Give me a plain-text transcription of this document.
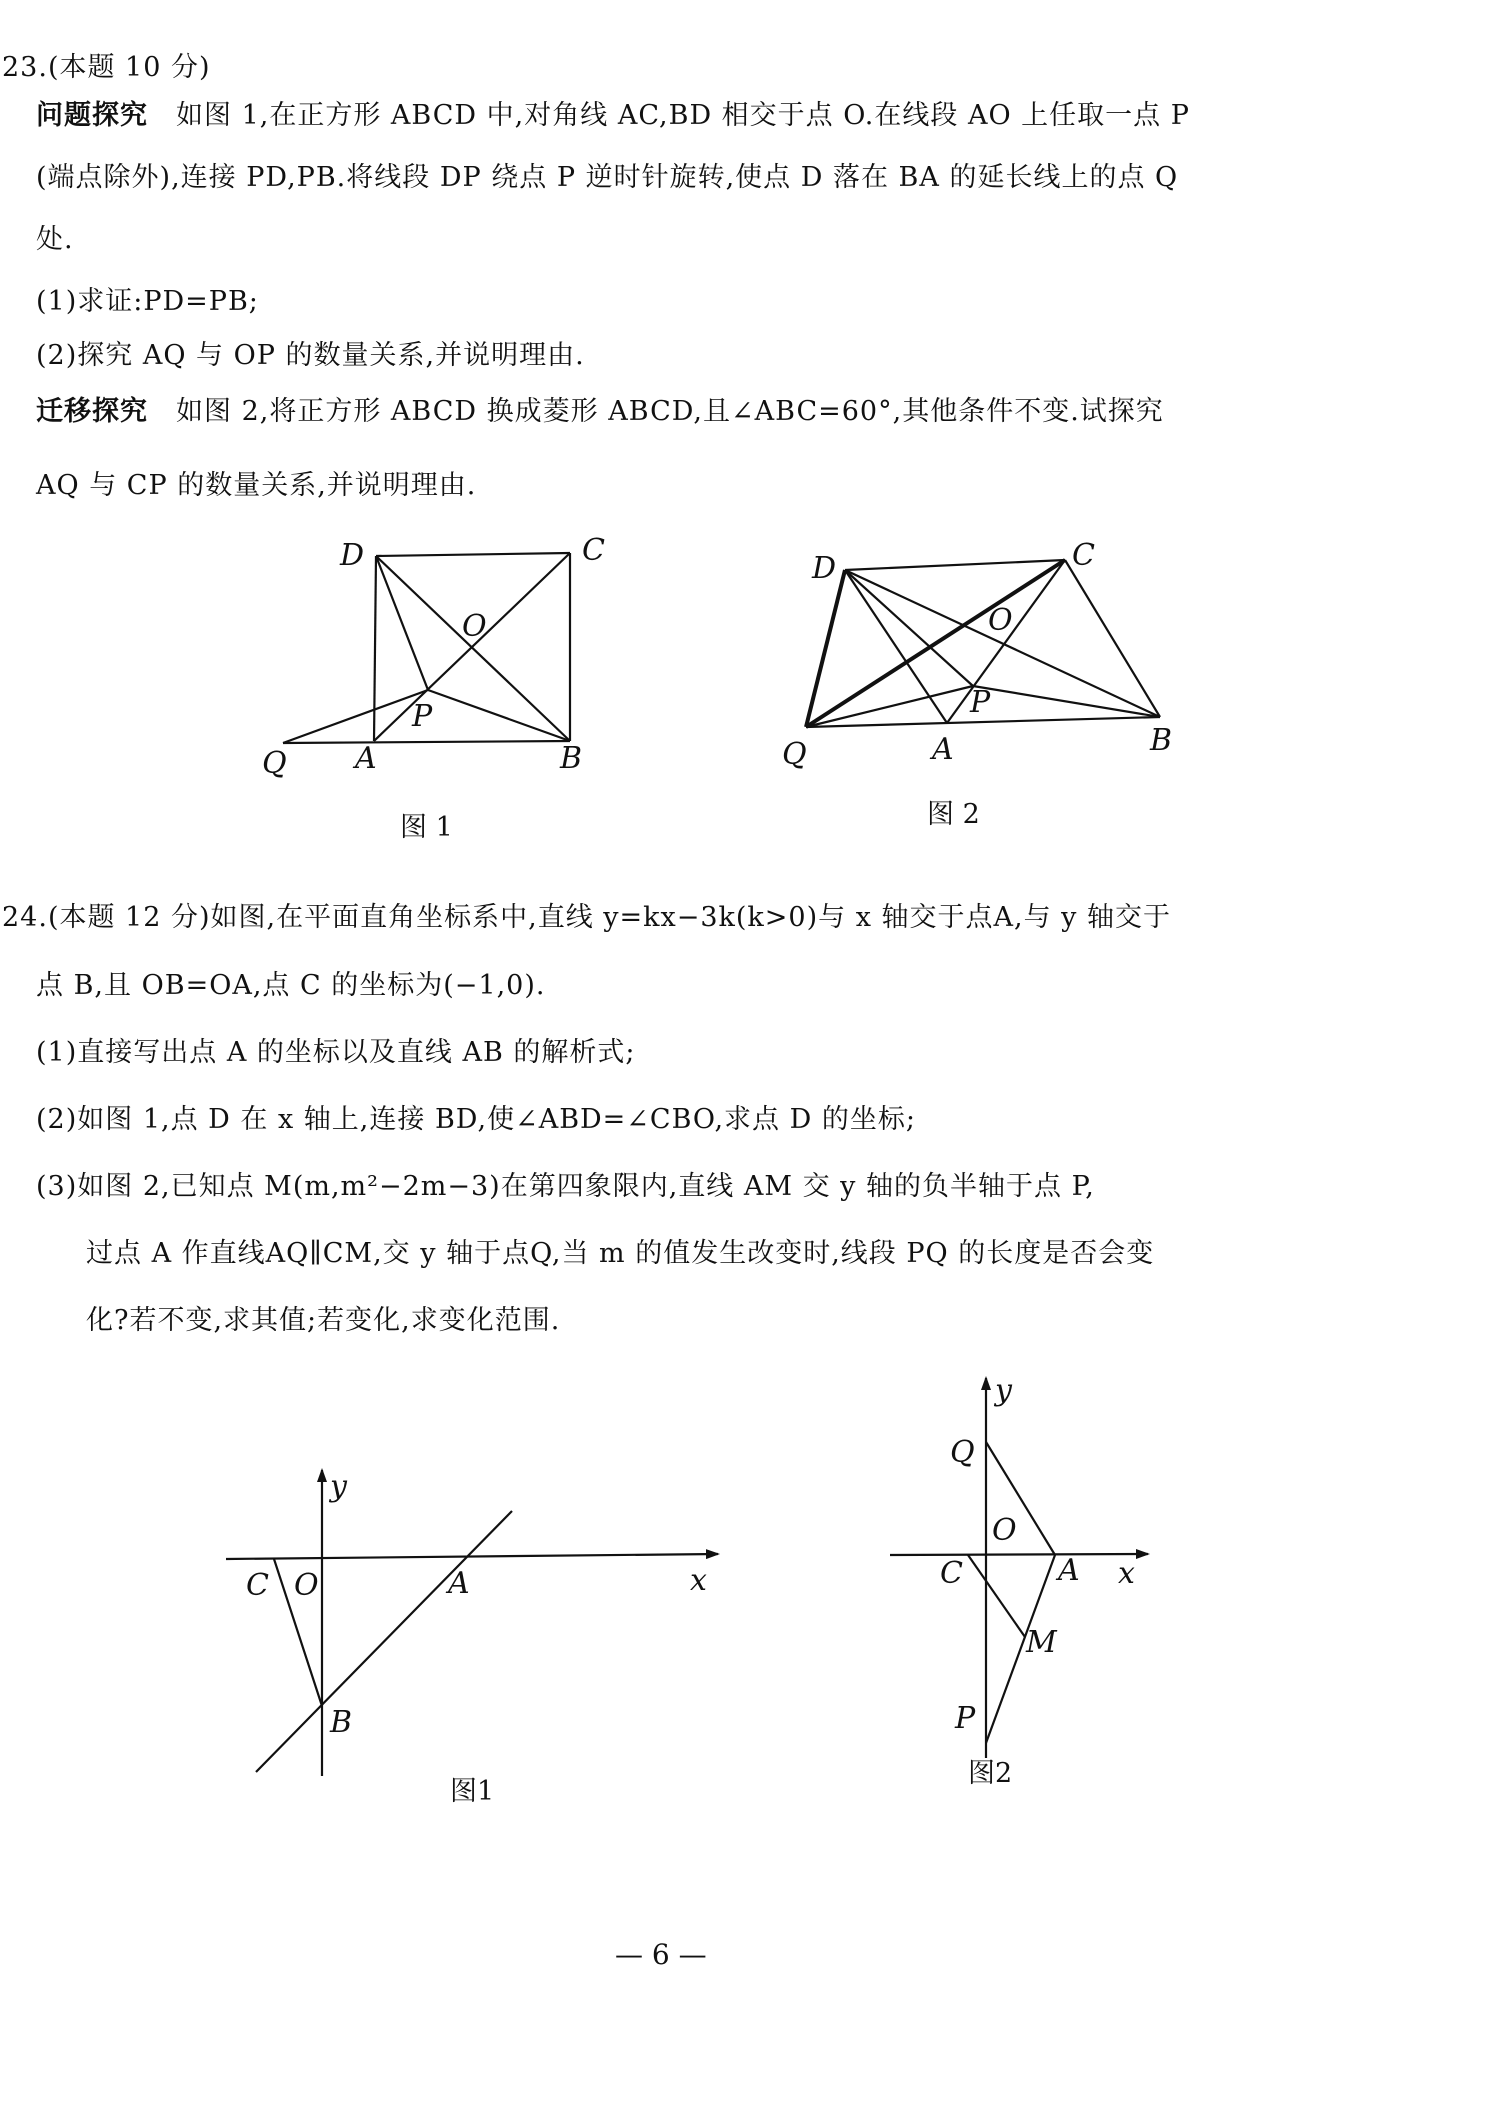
23.(本题 10 分)
问题探究 如图 1,在正方形 ABCD 中,对角线 AC,BD 相交于点 O.在线段 AO 上任取一点 P
(端点除外),连接 PD,PB.将线段 DP 绕点 P 逆时针旋转,使点 D 落在 BA 的延长线上的点 Q
处.
(1)求证:PD=PB;
(2)探究 AQ 与 OP 的数量关系,并说明理由.
迁移探究 如图 2,将正方形 ABCD 换成菱形 ABCD,且∠ABC=60°,其他条件不变.试探究
AQ 与 CP 的数量关系,并说明理由.
D	C
O
P
Q A	B
图 1
D	C
O
P
Q	A	B
图 2
24.(本题 12 分)如图,在平面直角坐标系中,直线 y=kx−3k(k>0)与 x 轴交于点A,与 y 轴交于
点 B,且 OB=OA,点 C 的坐标为(−1,0).
(1)直接写出点 A 的坐标以及直线 AB 的解析式;
(2)如图 1,点 D 在 x 轴上,连接 BD,使∠ABD=∠CBO,求点 D 的坐标;
(3)如图 2,已知点 M(m,m²−2m−3)在第四象限内,直线 AM 交 y 轴的负半轴于点 P,
过点 A 作直线AQ∥CM,交 y 轴于点Q,当 m 的值发生改变时,线段 PQ 的长度是否会变
化?若不变,求其值;若变化,求变化范围.
y
x
C O	A
B
图1
y
x
Q
O
C	A
M
P
图2
— 6 —
